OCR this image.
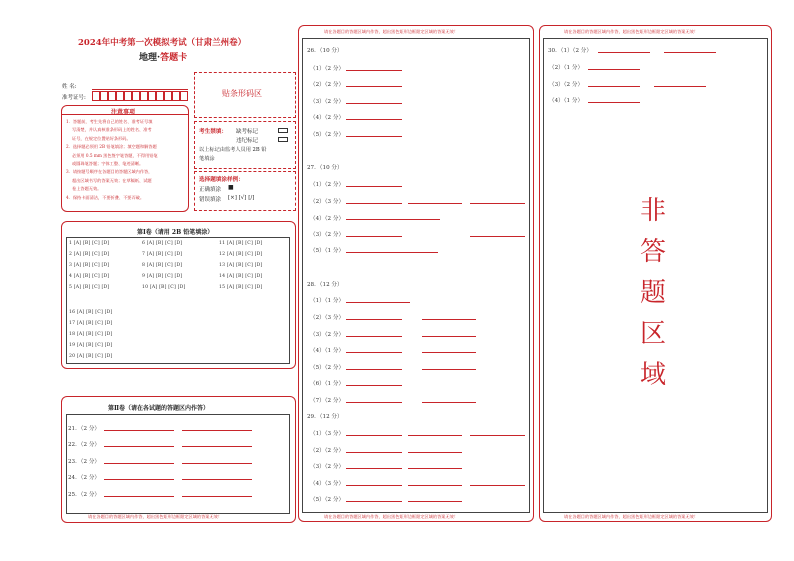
2024年中考第一次模拟考试（甘肃兰州卷）
地理·答题卡
姓 名:
准考证号:	贴条形码区
注意事项
1．答题前，考生先将自己的姓名、准考证号填
写清楚，并认真核准条形码上的姓名、准考
证号，在规定位置贴好条形码。
2．选择题必须用 2B 铅笔填涂；填空题和解答题
必须用 0.5 mm 黑色签字笔答题，不得用铅笔
或圆珠笔答题；字体工整、笔迹清晰。
3．请按题号顺序在各题目的答题区域内作答，
超出区域书写的答案无效；在草稿纸、试题
卷上答题无效。
4．保持卡面清洁，不要折叠、不要弄破。
考生禁填： 缺考标记
违纪标记
以上标记由监考人员用 2B 铅
笔填涂
选择题填涂样例：
正确填涂 ■
错误填涂 [×] [√] [/]
第Ⅰ卷（请用 2B 铅笔填涂）
1 [A] [B] [C] [D]
2 [A] [B] [C] [D]
3 [A] [B] [C] [D]
4 [A] [B] [C] [D]
5 [A] [B] [C] [D]
6 [A] [B] [C] [D]
7 [A] [B] [C] [D]
8 [A] [B] [C] [D]
9 [A] [B] [C] [D]
10 [A] [B] [C] [D]
11 [A] [B] [C] [D]
12 [A] [B] [C] [D]
13 [A] [B] [C] [D]
14 [A] [B] [C] [D]
15 [A] [B] [C] [D]
16 [A] [B] [C] [D]
17 [A] [B] [C] [D]
18 [A] [B] [C] [D]
19 [A] [B] [C] [D]
20 [A] [B] [C] [D]
第Ⅱ卷（请在各试题的答题区内作答）
21．（2 分）
22．（2 分）
23．（2 分）
24．（2 分）
25．（2 分）
请在各题目的答题区域内作答，超出黑色矩形边框限定区域的答案无效！
请在各题目的答题区域内作答，超出黑色矩形边框限定区域的答案无效！
请在各题目的答题区域内作答，超出黑色矩形边框限定区域的答案无效！
26．（10 分）
（1）（2 分）
（2）（2 分）
（3）（2 分）
（4）（2 分）
（5）（2 分）
27．（10 分）
（1）（2 分）
（2）（3 分）
（3）（2 分）
（4）（2 分）
（5）（1 分）
28．（12 分）
（1）（1 分）
（2）（3 分）
（3）（2 分）
（4）（1 分）
（5）（2 分）
（6）（1 分）
（7）（2 分）
29．（12 分）
（1）（3 分）
（2）（2 分）
（3）（2 分）
（4）（3 分）
（5）（2 分）
请在各题目的答题区域内作答，超出黑色矩形边框限定区域的答案无效！
请在各题目的答题区域内作答，超出黑色矩形边框限定区域的答案无效！
30．（1）（2 分）
（2）（1 分）
（3）（2 分）
（4）（1 分）
非
答
题
区
域
